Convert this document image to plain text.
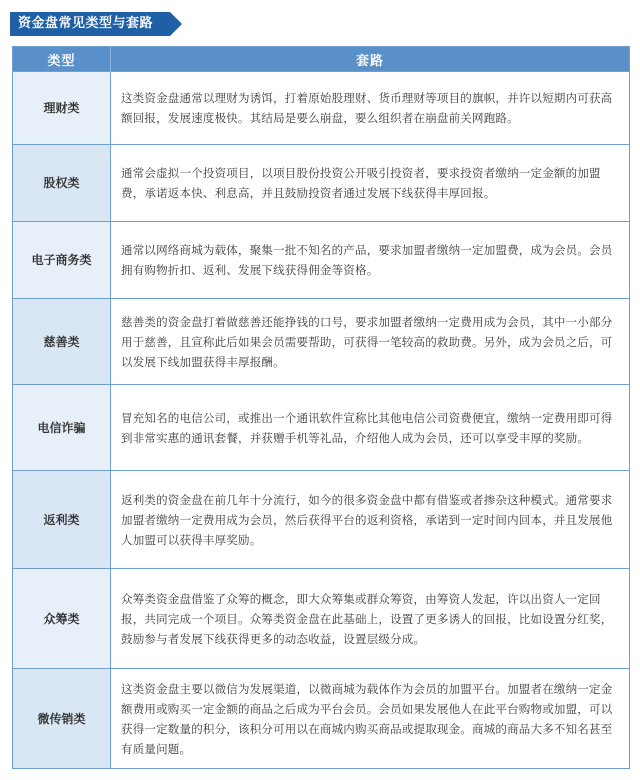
资金盘常见类型与套路
类型	套路
理财类	这类资金盘通常以理财为诱饵，打着原始股理财、货币理财等项目的旗帜，并许以短期内可获高额回报，发展速度极快。其结局是要么崩盘，要么组织者在崩盘前关网跑路。
股权类	通常会虚拟一个投资项目，以项目股份投资公开吸引投资者，要求投资者缴纳一定金额的加盟费，承诺返本快、利息高，并且鼓励投资者通过发展下线获得丰厚回报。
电子商务类	通常以网络商城为载体，聚集一批不知名的产品，要求加盟者缴纳一定加盟费，成为会员。会员拥有购物折扣、返利、发展下线获得佣金等资格。
慈善类	慈善类的资金盘打着做慈善还能挣钱的口号，要求加盟者缴纳一定费用成为会员，其中一小部分用于慈善，且宣称此后如果会员需要帮助，可获得一笔较高的救助费。另外，成为会员之后，可以发展下线加盟获得丰厚报酬。
电信诈骗	冒充知名的电信公司，或推出一个通讯软件宣称比其他电信公司资费便宜，缴纳一定费用即可得到非常实惠的通讯套餐，并获赠手机等礼品，介绍他人成为会员，还可以享受丰厚的奖励。
返利类	返利类的资金盘在前几年十分流行，如今的很多资金盘中都有借鉴或者掺杂这种模式。通常要求加盟者缴纳一定费用成为会员，然后获得平台的返利资格，承诺到一定时间内回本，并且发展他人加盟可以获得丰厚奖励。
众筹类	众筹类资金盘借鉴了众筹的概念，即大众筹集或群众筹资，由筹资人发起，许以出资人一定回报，共同完成一个项目。众筹类资金盘在此基础上，设置了更多诱人的回报，比如设置分红奖，鼓励参与者发展下线获得更多的动态收益，设置层级分成。
微传销类	这类资金盘主要以微信为发展渠道，以微商城为载体作为会员的加盟平台。加盟者在缴纳一定金额费用或购买一定金额的商品之后成为平台会员。会员如果发展他人在此平台购物或加盟，可以获得一定数量的积分，该积分可用以在商城内购买商品或提取现金。商城的商品大多不知名甚至有质量问题。
